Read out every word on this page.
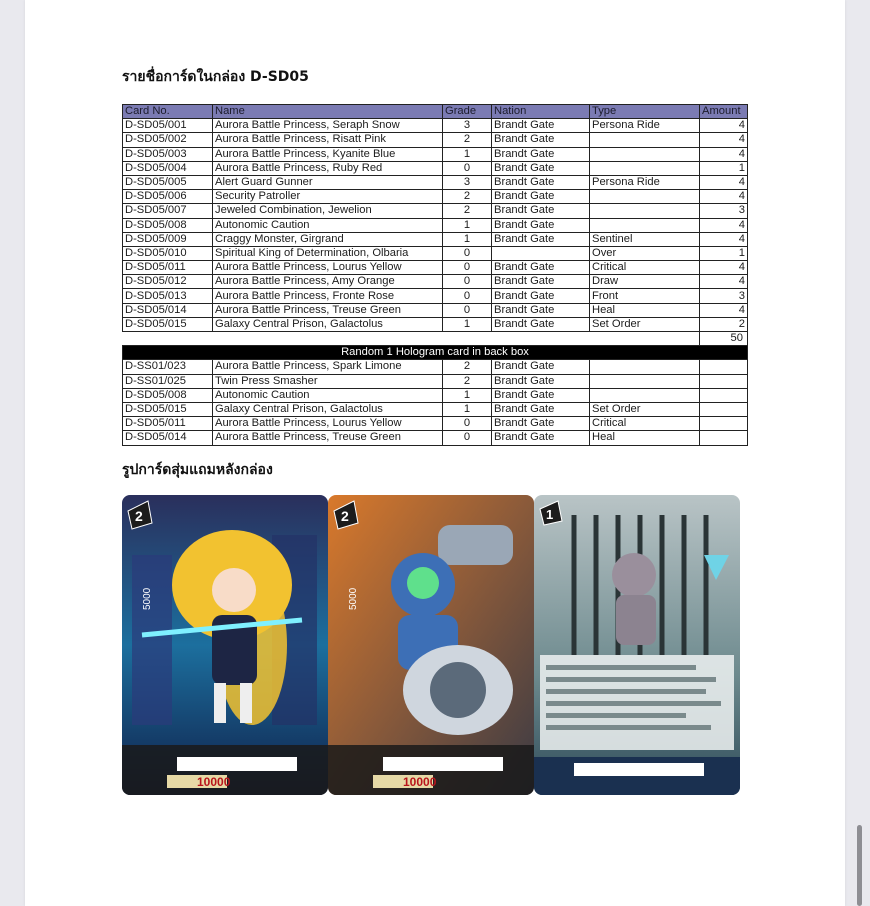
รายชื่อการ์ดในกล่อง D-SD05
Card No.	Name	Grade	Nation	Type	Amount
D-SD05/001	Aurora Battle Princess, Seraph Snow	3	Brandt Gate	Persona Ride	4
D-SD05/002	Aurora Battle Princess, Risatt Pink	2	Brandt Gate		4
D-SD05/003	Aurora Battle Princess, Kyanite Blue	1	Brandt Gate		4
D-SD05/004	Aurora Battle Princess, Ruby Red	0	Brandt Gate		1
D-SD05/005	Alert Guard Gunner	3	Brandt Gate	Persona Ride	4
D-SD05/006	Security Patroller	2	Brandt Gate		4
D-SD05/007	Jeweled Combination, Jewelion	2	Brandt Gate		3
D-SD05/008	Autonomic Caution	1	Brandt Gate		4
D-SD05/009	Craggy Monster, Girgrand	1	Brandt Gate	Sentinel	4
D-SD05/010	Spiritual King of Determination, Olbaria	0		Over	1
D-SD05/011	Aurora Battle Princess, Lourus Yellow	0	Brandt Gate	Critical	4
D-SD05/012	Aurora Battle Princess, Amy Orange	0	Brandt Gate	Draw	4
D-SD05/013	Aurora Battle Princess, Fronte Rose	0	Brandt Gate	Front	3
D-SD05/014	Aurora Battle Princess, Treuse Green	0	Brandt Gate	Heal	4
D-SD05/015	Galaxy Central Prison, Galactolus	1	Brandt Gate	Set Order	2
					50
Random 1 Hologram card in back box					
D-SS01/023	Aurora Battle Princess, Spark Limone	2	Brandt Gate		
D-SS01/025	Twin Press Smasher	2	Brandt Gate		
D-SD05/008	Autonomic Caution	1	Brandt Gate		
D-SD05/015	Galaxy Central Prison, Galactolus	1	Brandt Gate	Set Order	
D-SD05/011	Aurora Battle Princess, Lourus Yellow	0	Brandt Gate	Critical	
D-SD05/014	Aurora Battle Princess, Treuse Green	0	Brandt Gate	Heal	
รูปการ์ดสุ่มแถมหลังกล่อง
10000
2
5000
10000
2
5000
1
